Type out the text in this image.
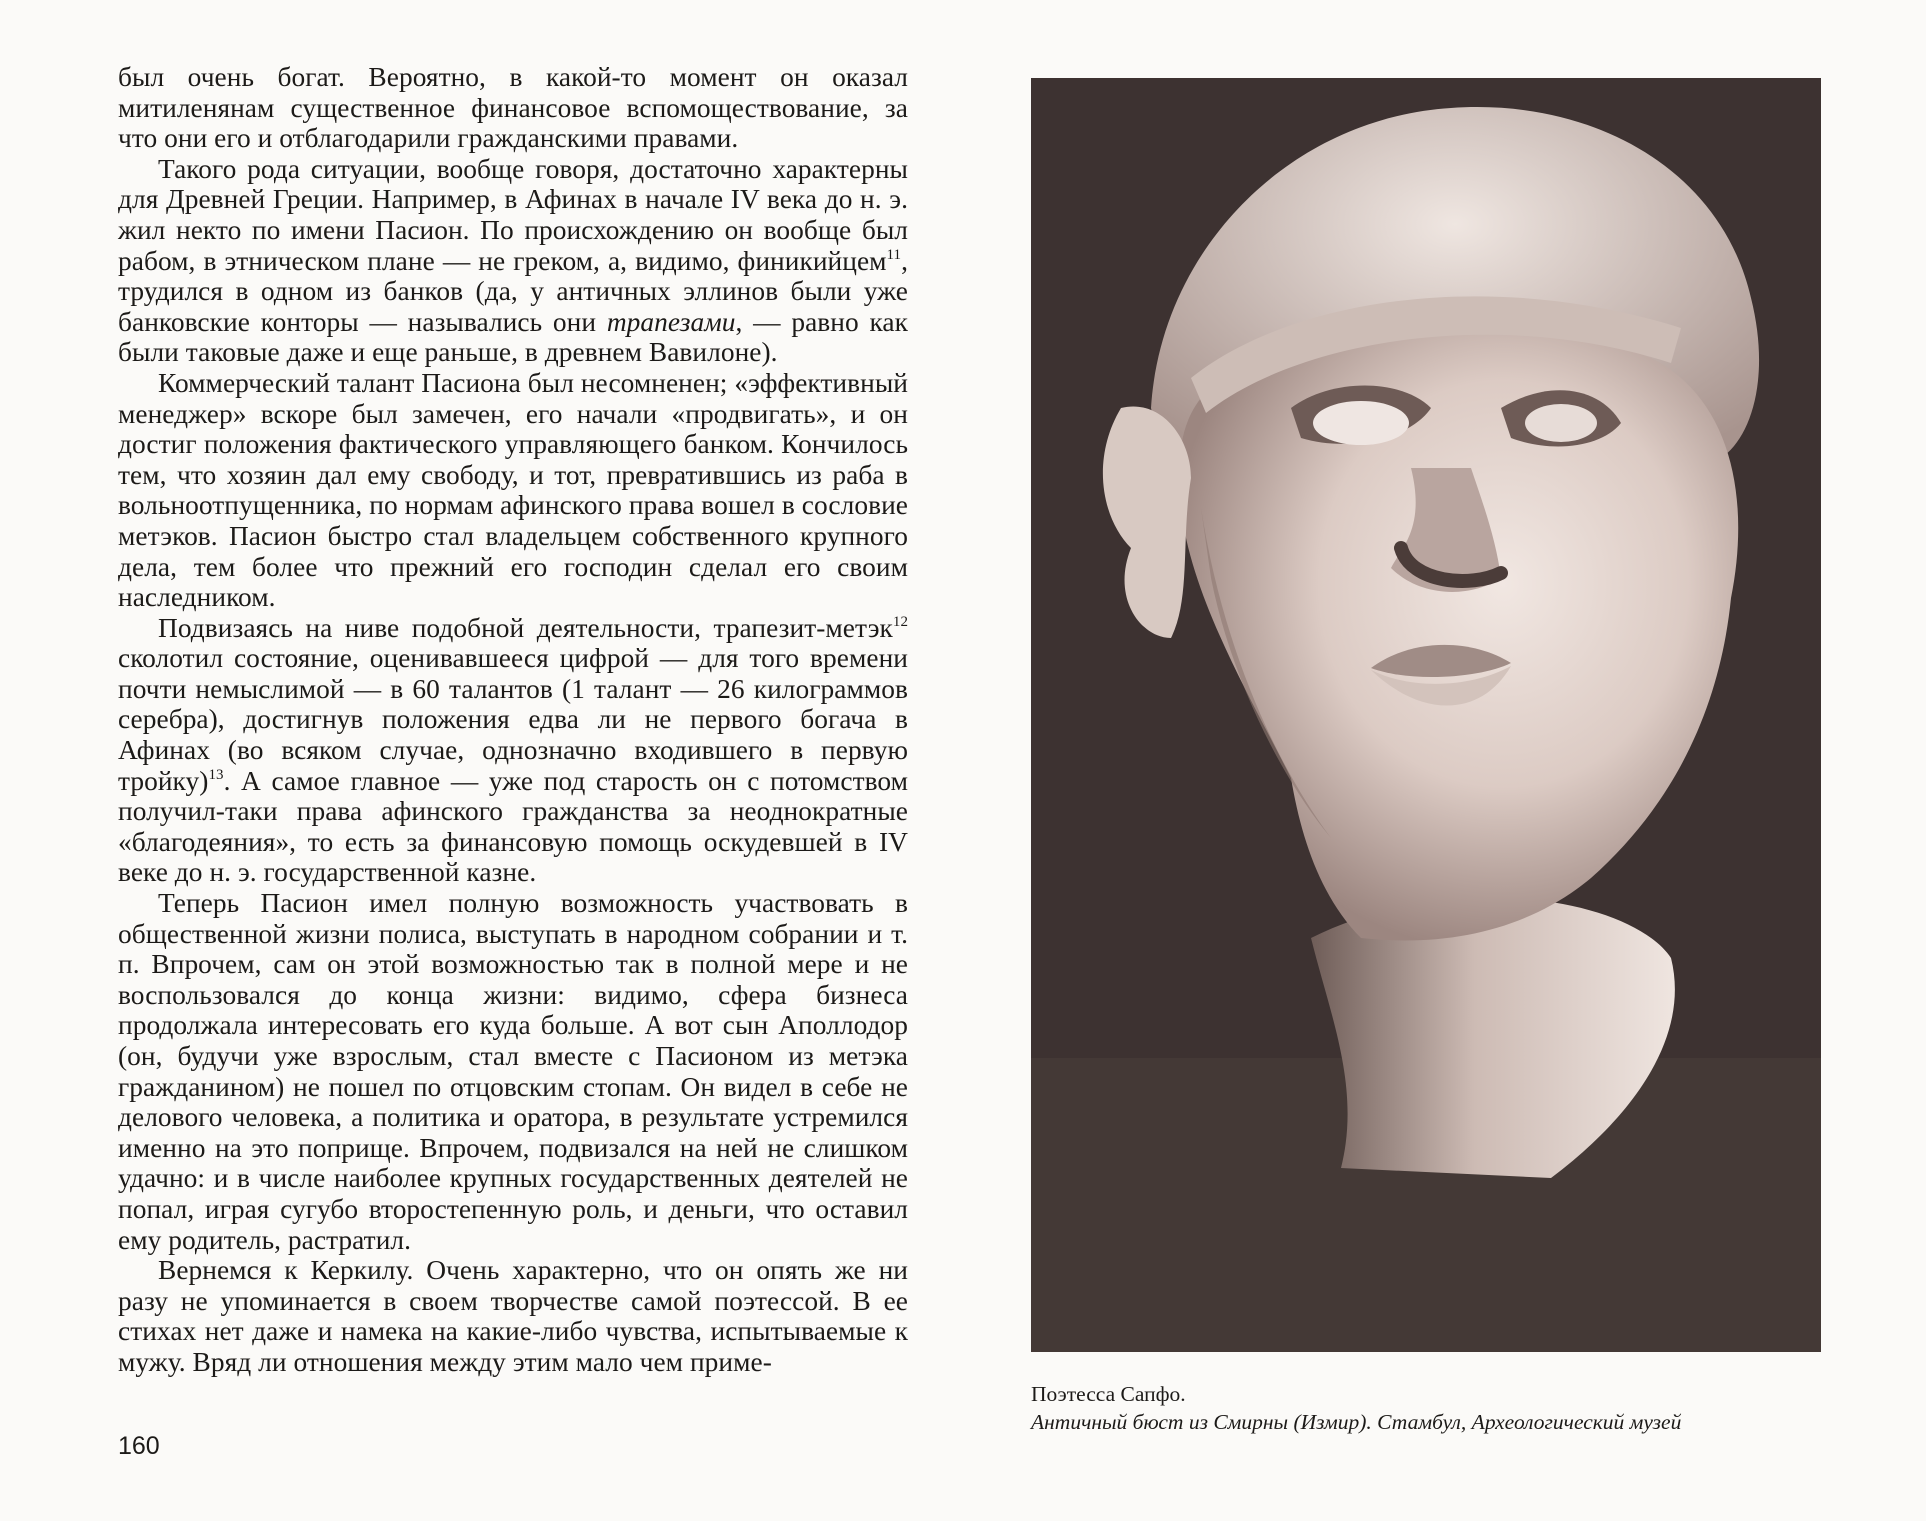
был очень богат. Вероятно, в какой-то момент он оказал митиленянам существенное финансовое вспомоществование, за что они его и отблагодарили гражданскими правами.

Такого рода ситуации, вообще говоря, достаточно характерны для Древней Греции. Например, в Афинах в начале IV века до н. э. жил некто по имени Пасион. По происхождению он вообще был рабом, в этническом плане — не греком, а, видимо, финикийцем$^{11}$, трудился в одном из банков (да, у античных эллинов были уже банковские конторы — назывались они трапезами, — равно как были таковые даже и еще раньше, в древнем Вавилоне).

Коммерческий талант Пасиона был несомненен; «эффективный менеджер» вскоре был замечен, его начали «продвигать», и он достиг положения фактического управляющего банком. Кончилось тем, что хозяин дал ему свободу, и тот, превратившись из раба в вольноотпущенника, по нормам афинского права вошел в сословие метэков. Пасион быстро стал владельцем собственного крупного дела, тем более что прежний его господин сделал его своим наследником.

Подвизаясь на ниве подобной деятельности, трапезит-метэк$^{12}$ сколотил состояние, оценивавшееся цифрой — для того времени почти немыслимой — в 60 талантов (1 талант — 26 килограммов серебра), достигнув положения едва ли не первого богача в Афинах (во всяком случае, однозначно входившего в первую тройку)$^{13}$. А самое главное — уже под старость он с потомством получил-таки права афинского гражданства за неоднократные «благодеяния», то есть за финансовую помощь оскудевшей в IV веке до н. э. государственной казне.

Теперь Пасион имел полную возможность участвовать в общественной жизни полиса, выступать в народном собрании и т. п. Впрочем, сам он этой возможностью так в полной мере и не воспользовался до конца жизни: видимо, сфера бизнеса продолжала интересовать его куда больше. А вот сын Аполлодор (он, будучи уже взрослым, стал вместе с Пасионом из метэка гражданином) не пошел по отцовским стопам. Он видел в себе не делового человека, а политика и оратора, в результате устремился именно на это поприще. Впрочем, подвизался на ней не слишком удачно: и в числе наиболее крупных государственных деятелей не попал, играя сугубо второстепенную роль, и деньги, что оставил ему родитель, растратил.

Вернемся к Керкилу. Очень характерно, что он опять же ни разу не упоминается в своем творчестве самой поэтессой. В ее стихах нет даже и намека на какие-либо чувства, испытываемые к мужу. Вряд ли отношения между этим мало чем приме-

160
Поэтесса Сапфо.
Античный бюст из Смирны (Измир). Стамбул, Археологический музей
